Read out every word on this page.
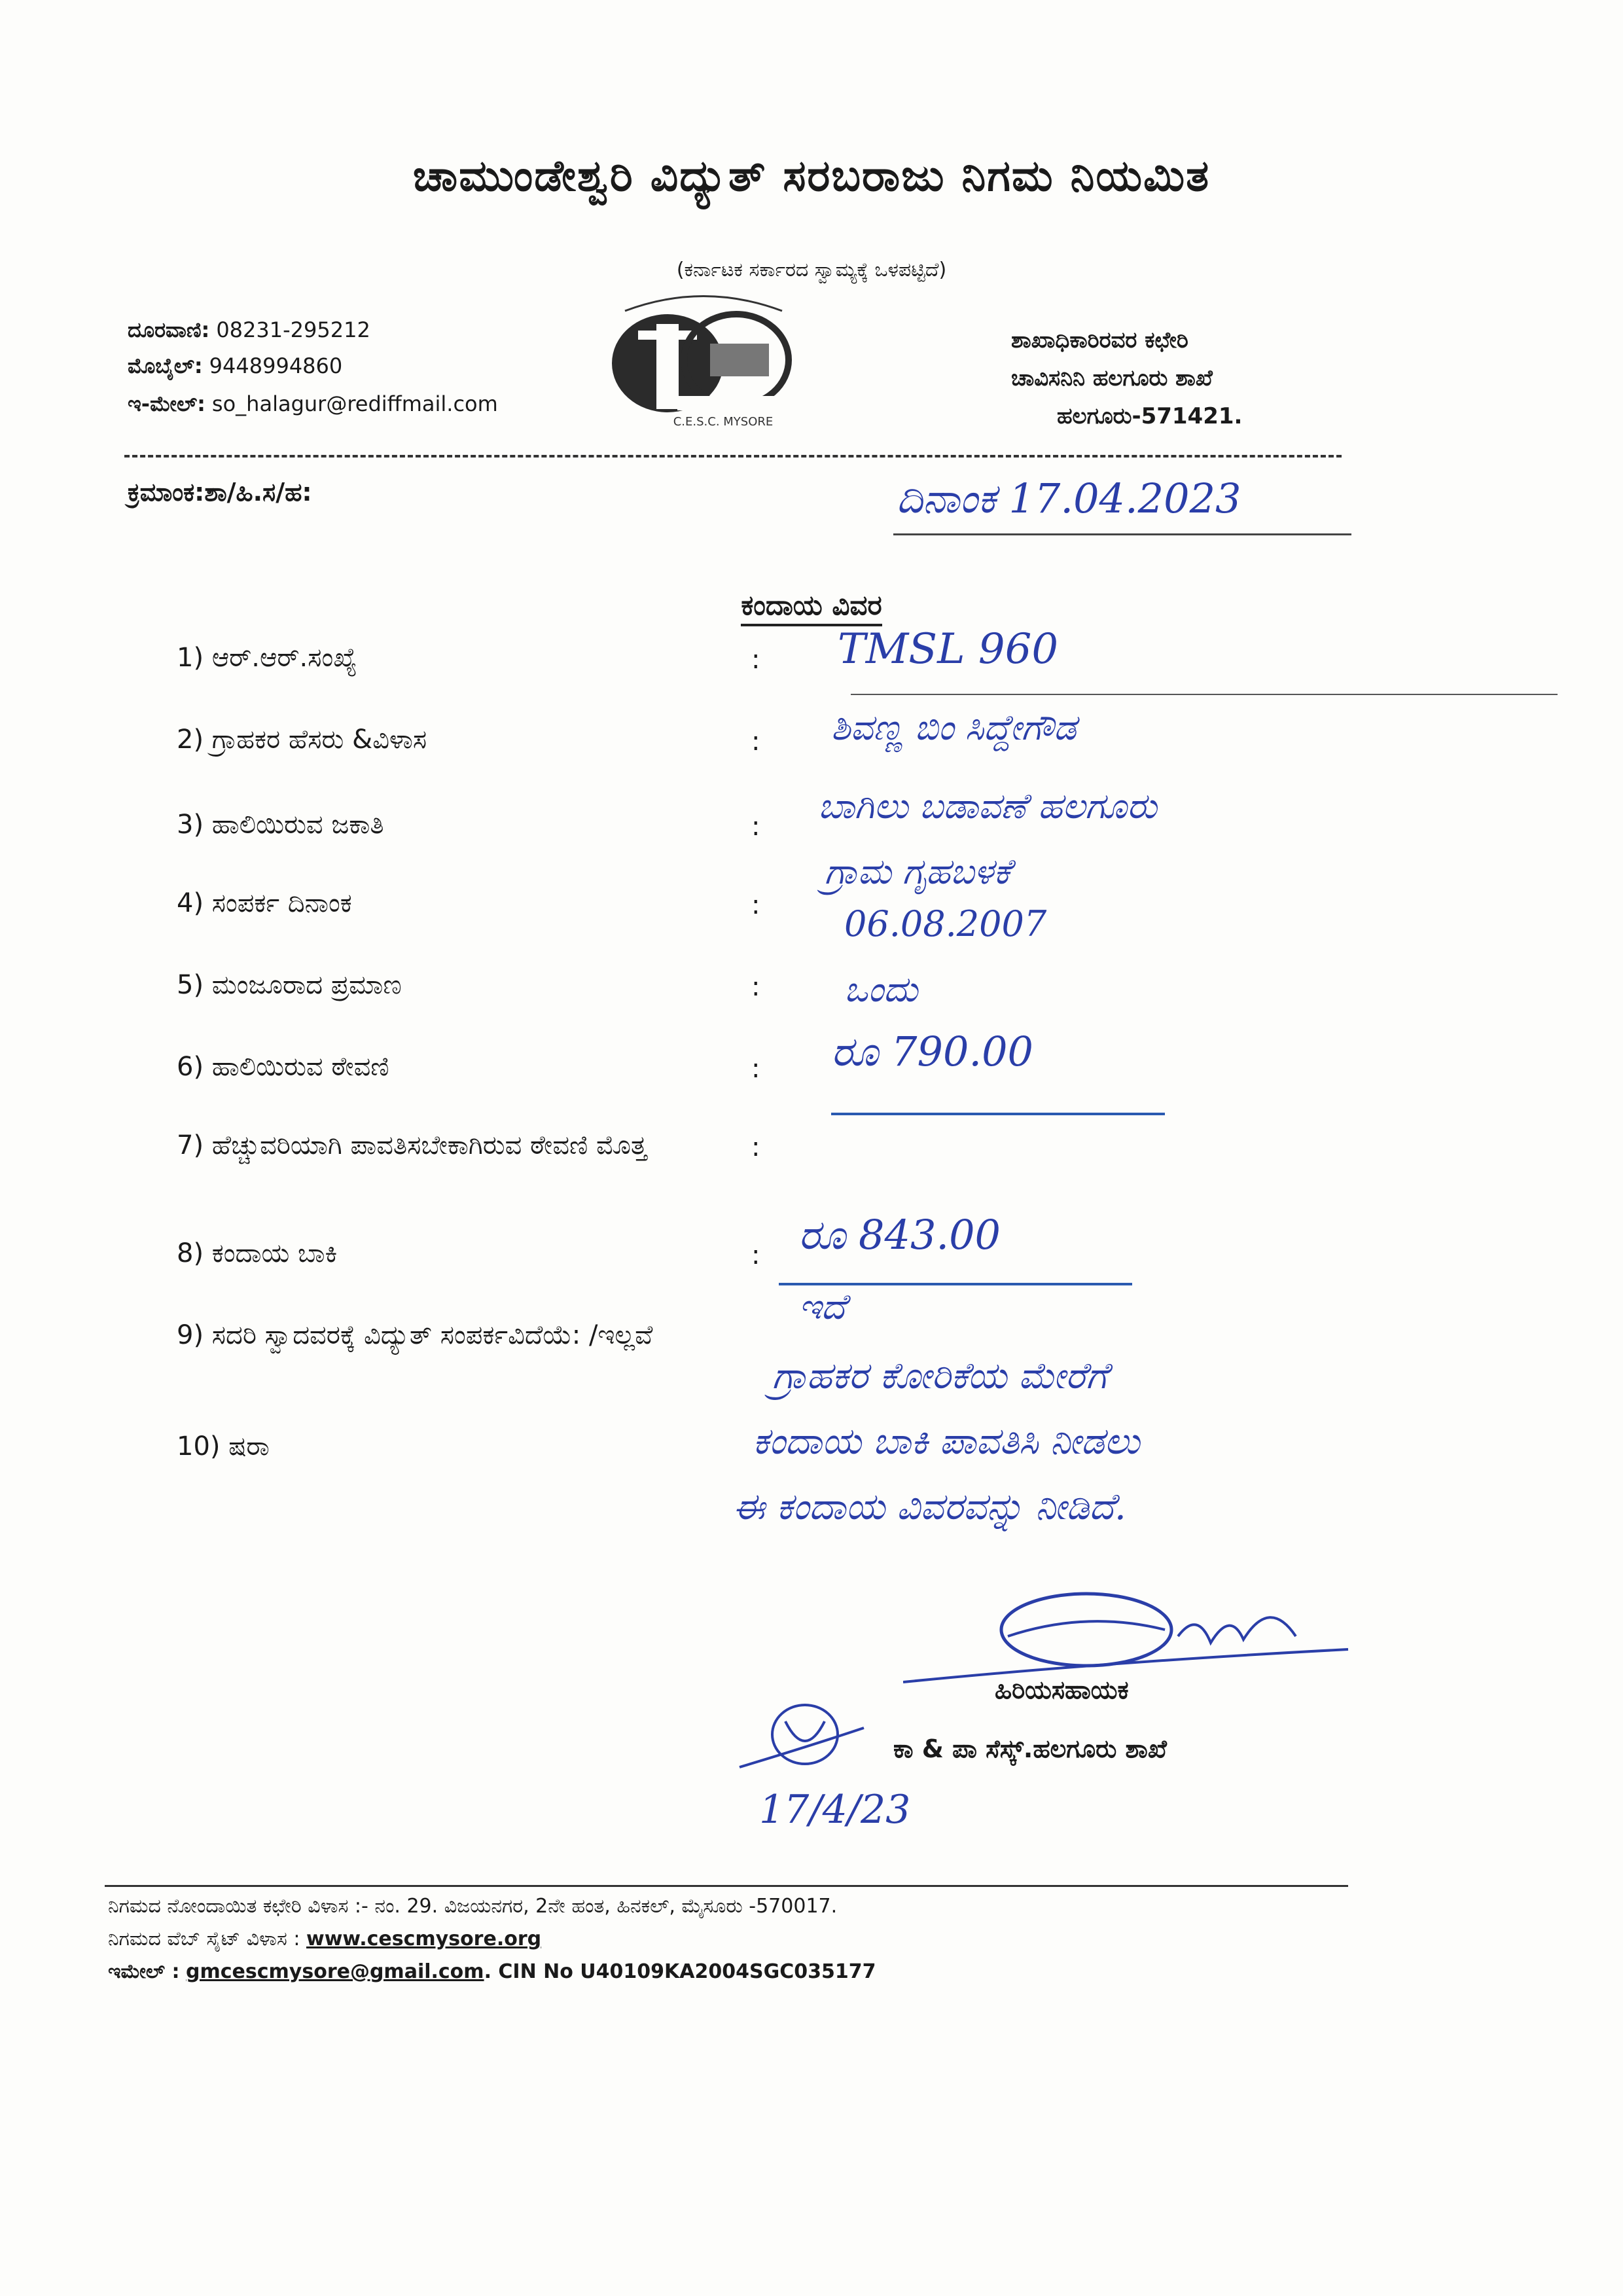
ಚಾಮುಂಡೇಶ್ವರಿ ವಿದ್ಯುತ್ ಸರಬರಾಜು ನಿಗಮ ನಿಯಮಿತ
(ಕರ್ನಾಟಕ ಸರ್ಕಾರದ ಸ್ವಾಮ್ಯಕ್ಕೆ ಒಳಪಟ್ಟಿದೆ)
ದೂರವಾಣಿ: 08231-295212
ಮೊಬೈಲ್: 9448994860
ಇ-ಮೇಲ್: so_halagur@rediffmail.com
C.E.S.C. MYSORE
ಶಾಖಾಧಿಕಾರಿರವರ ಕಛೇರಿ
ಚಾವಿಸನಿನಿ ಹಲಗೂರು ಶಾಖೆ
ಹಲಗೂರು-571421.
ಕ್ರಮಾಂಕ:ಶಾ/ಹಿ.ಸ/ಹ:	ದಿನಾಂಕ 17.04.2023
ಕಂದಾಯ ವಿವರ
1) ಆರ್.ಆರ್.ಸಂಖ್ಯೆ
2) ಗ್ರಾಹಕರ ಹೆಸರು &ವಿಳಾಸ
3) ಹಾಲಿಯಿರುವ ಜಕಾತಿ
4) ಸಂಪರ್ಕ ದಿನಾಂಕ
5) ಮಂಜೂರಾದ ಪ್ರಮಾಣ
6) ಹಾಲಿಯಿರುವ ಠೇವಣಿ
7) ಹೆಚ್ಚುವರಿಯಾಗಿ ಪಾವತಿಸಬೇಕಾಗಿರುವ ಠೇವಣಿ ಮೊತ್ತ
8) ಕಂದಾಯ ಬಾಕಿ
9) ಸದರಿ ಸ್ವಾದವರಕ್ಕೆ ವಿದ್ಯುತ್ ಸಂಪರ್ಕವಿದೆಯೆ: /ಇಲ್ಲವೆ
10) ಷರಾ
:
:
:
:
:
:
:
:
TMSL 960
ಶಿವಣ್ಣ ಬಿಂ ಸಿದ್ದೇಗೌಡ
ಬಾಗಿಲು ಬಡಾವಣೆ ಹಲಗೂರು
ಗ್ರಾಮ ಗೃಹಬಳಕೆ
06.08.2007
ಒಂದು
ರೂ 790.00
ರೂ 843.00
ಇದೆ
ಗ್ರಾಹಕರ ಕೋರಿಕೆಯ ಮೇರೆಗೆ
ಕಂದಾಯ ಬಾಕಿ ಪಾವತಿಸಿ ನೀಡಲು
ಈ ಕಂದಾಯ ವಿವರವನ್ನು ನೀಡಿದೆ.
ಹಿರಿಯಸಹಾಯಕ
ಕಾ & ಪಾ ಸೆಸ್ಕ್.ಹಲಗೂರು ಶಾಖೆ
17/4/23
ನಿಗಮದ ನೋಂದಾಯಿತ ಕಛೇರಿ ವಿಳಾಸ :- ನಂ. 29. ವಿಜಯನಗರ, 2ನೇ ಹಂತ, ಹಿನಕಲ್, ಮೈಸೂರು -570017.
ನಿಗಮದ ವೆಬ್ ಸೈಟ್ ವಿಳಾಸ : www.cescmysore.org
ಇಮೇಲ್ : gmcescmysore@gmail.com. CIN No U40109KA2004SGC035177
